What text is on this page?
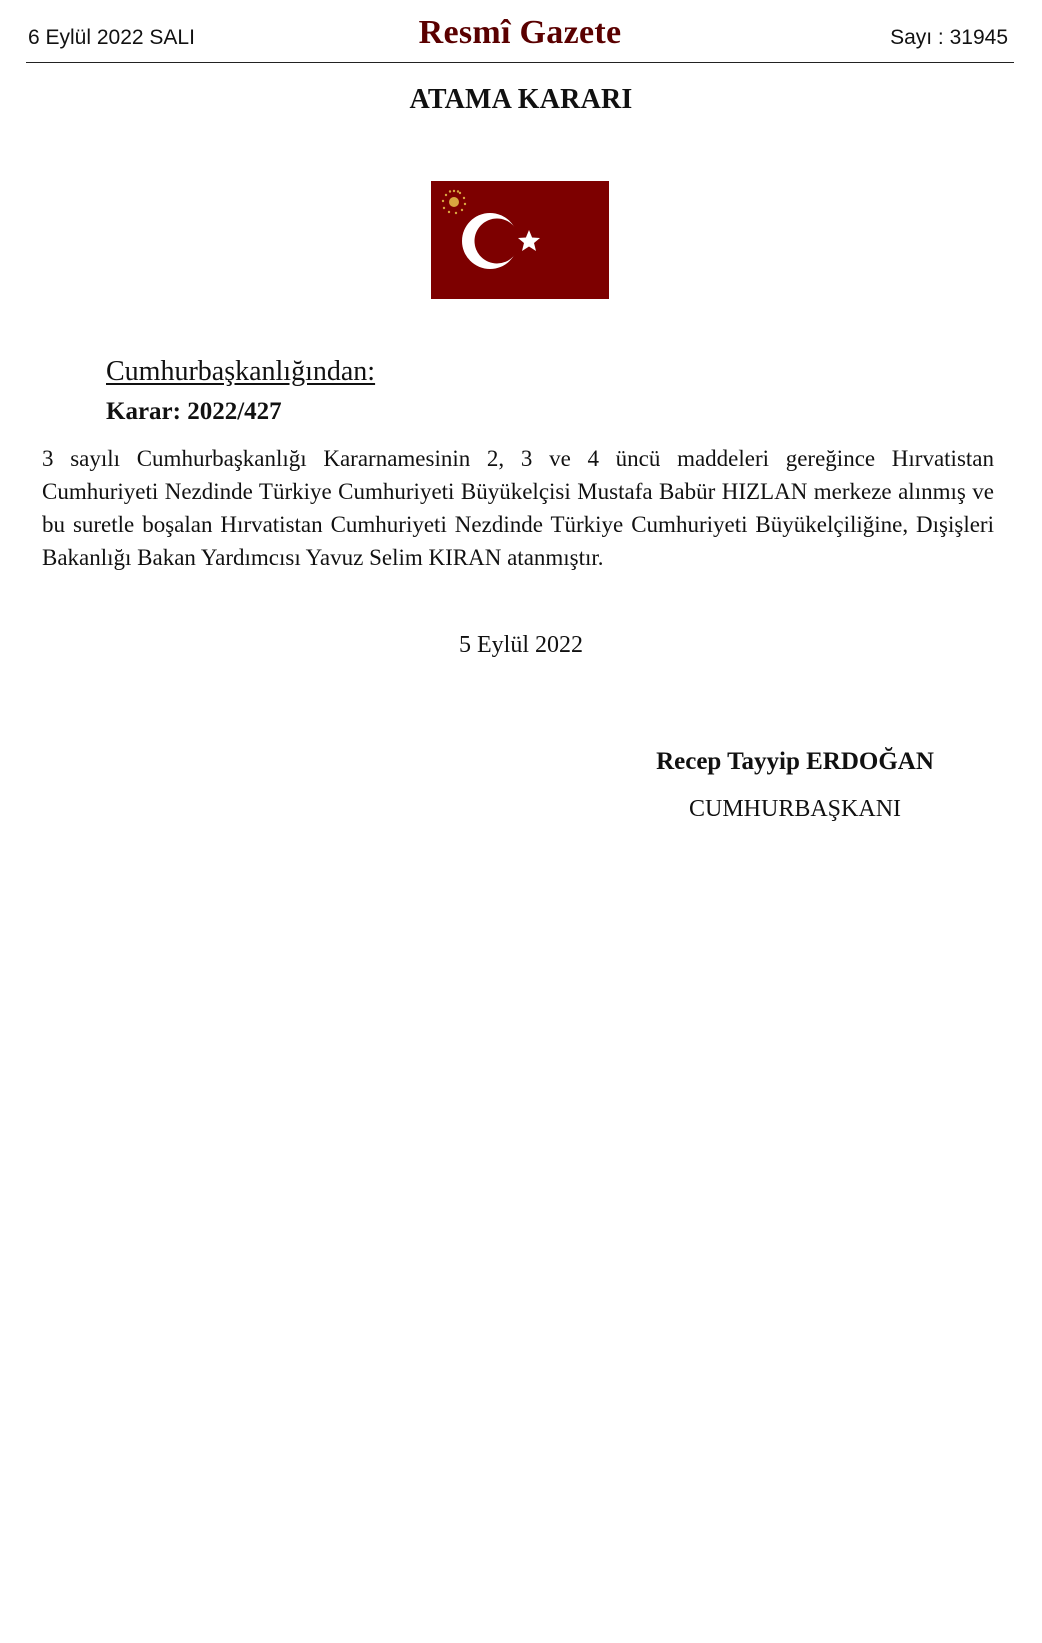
6 Eylül 2022 SALI	Resmî Gazete	Sayı : 31945
ATAMA KARARI
Cumhurbaşkanlığından:
Karar: 2022/427
3 sayılı Cumhurbaşkanlığı Kararnamesinin 2, 3 ve 4 üncü maddeleri gereğince Hırvatistan Cumhuriyeti Nezdinde Türkiye Cumhuriyeti Büyükelçisi Mustafa Babür HIZLAN merkeze alınmış ve bu suretle boşalan Hırvatistan Cumhuriyeti Nezdinde Türkiye Cumhuriyeti Büyükelçiliğine, Dışişleri Bakanlığı Bakan Yardımcısı Yavuz Selim KIRAN atanmıştır.
5 Eylül 2022
Recep Tayyip ERDOĞAN
CUMHURBAŞKANI
